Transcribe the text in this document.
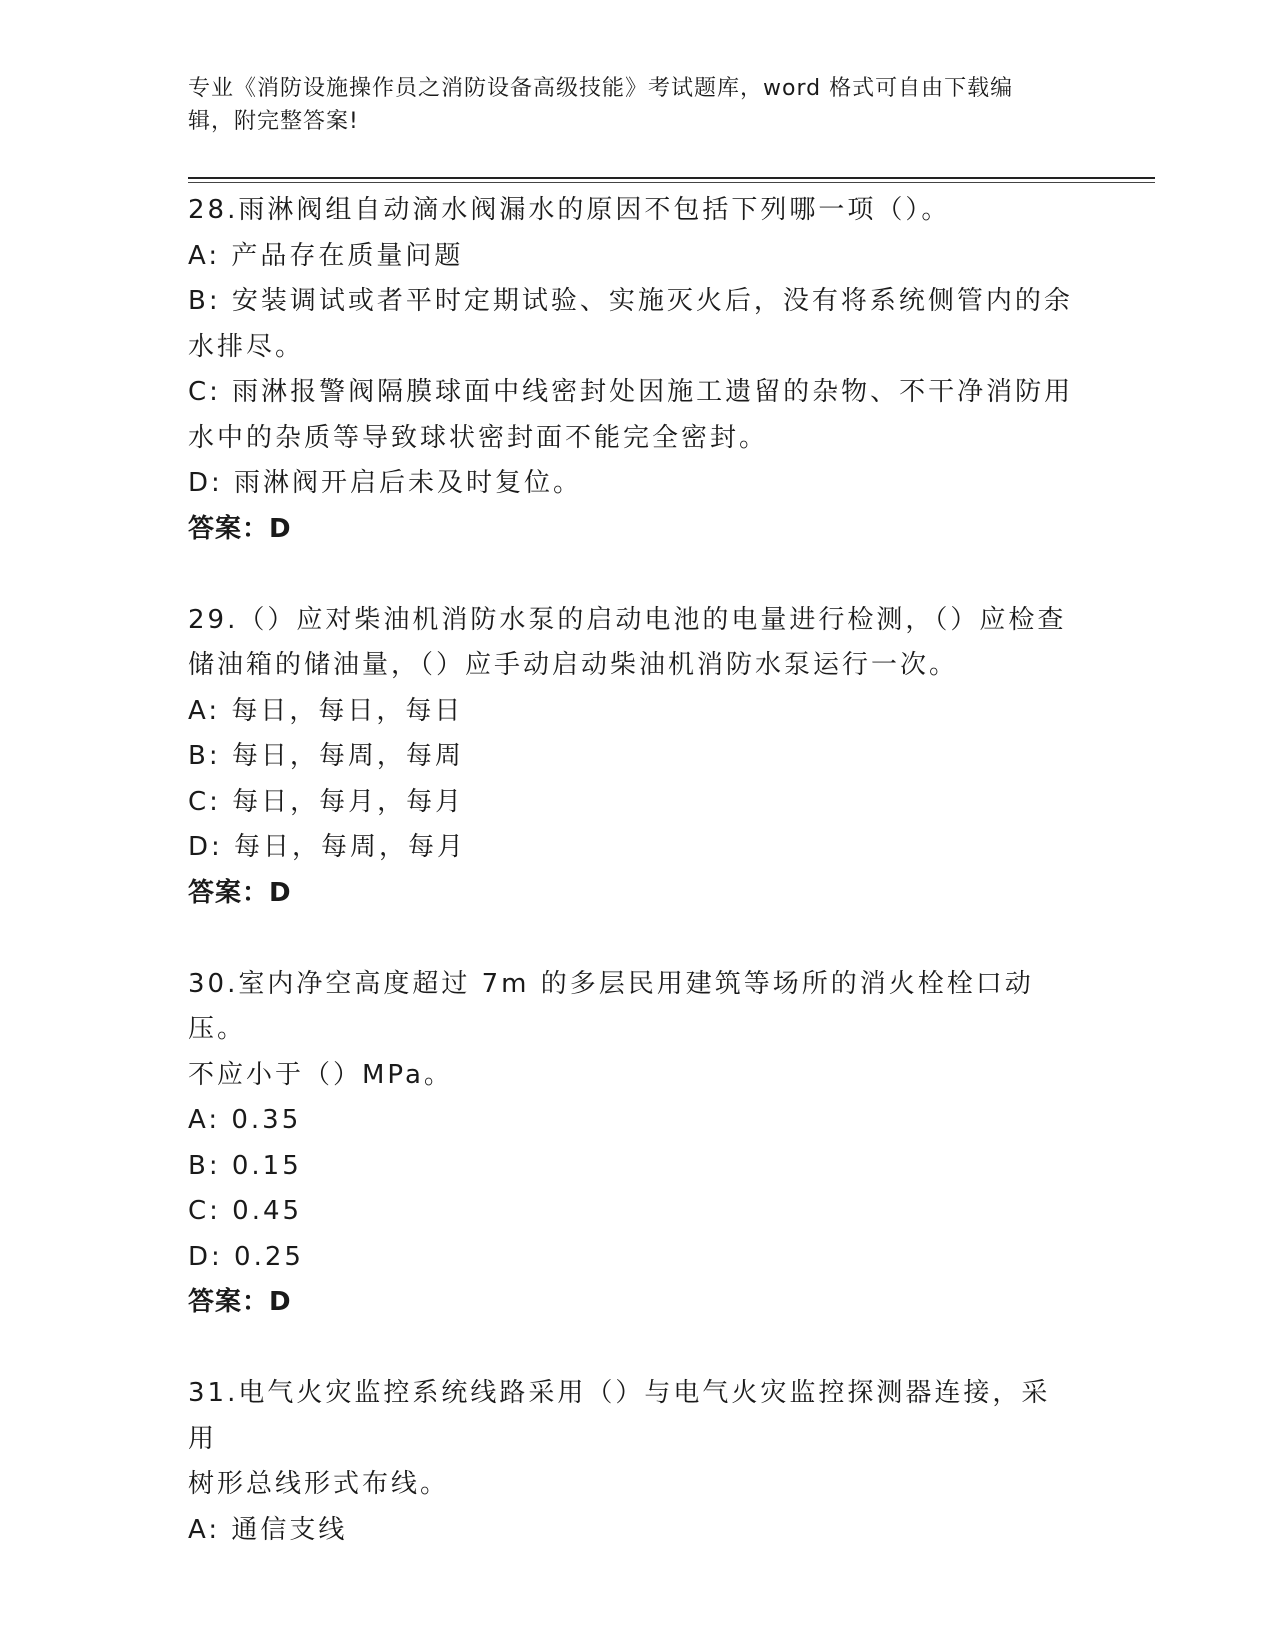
专业《消防设施操作员之消防设备高级技能》考试题库，word 格式可自由下载编
辑，附完整答案!

28.雨淋阀组自动滴水阀漏水的原因不包括下列哪一项（）。

A: 产品存在质量问题

B: 安装调试或者平时定期试验、实施灭火后，没有将系统侧管内的余

水排尽。

C: 雨淋报警阀隔膜球面中线密封处因施工遗留的杂物、不干净消防用

水中的杂质等导致球状密封面不能完全密封。

D: 雨淋阀开启后未及时复位。

答案：D

29.（）应对柴油机消防水泵的启动电池的电量进行检测，（）应检查

储油箱的储油量，（）应手动启动柴油机消防水泵运行一次。

A: 每日，每日，每日

B: 每日，每周，每周

C: 每日，每月，每月

D: 每日，每周，每月

答案：D

30.室内净空高度超过 7m 的多层民用建筑等场所的消火栓栓口动压。

不应小于（）MPa。

A: 0.35

B: 0.15

C: 0.45

D: 0.25

答案：D

31.电气火灾监控系统线路采用（）与电气火灾监控探测器连接，采用

树形总线形式布线。

A: 通信支线
